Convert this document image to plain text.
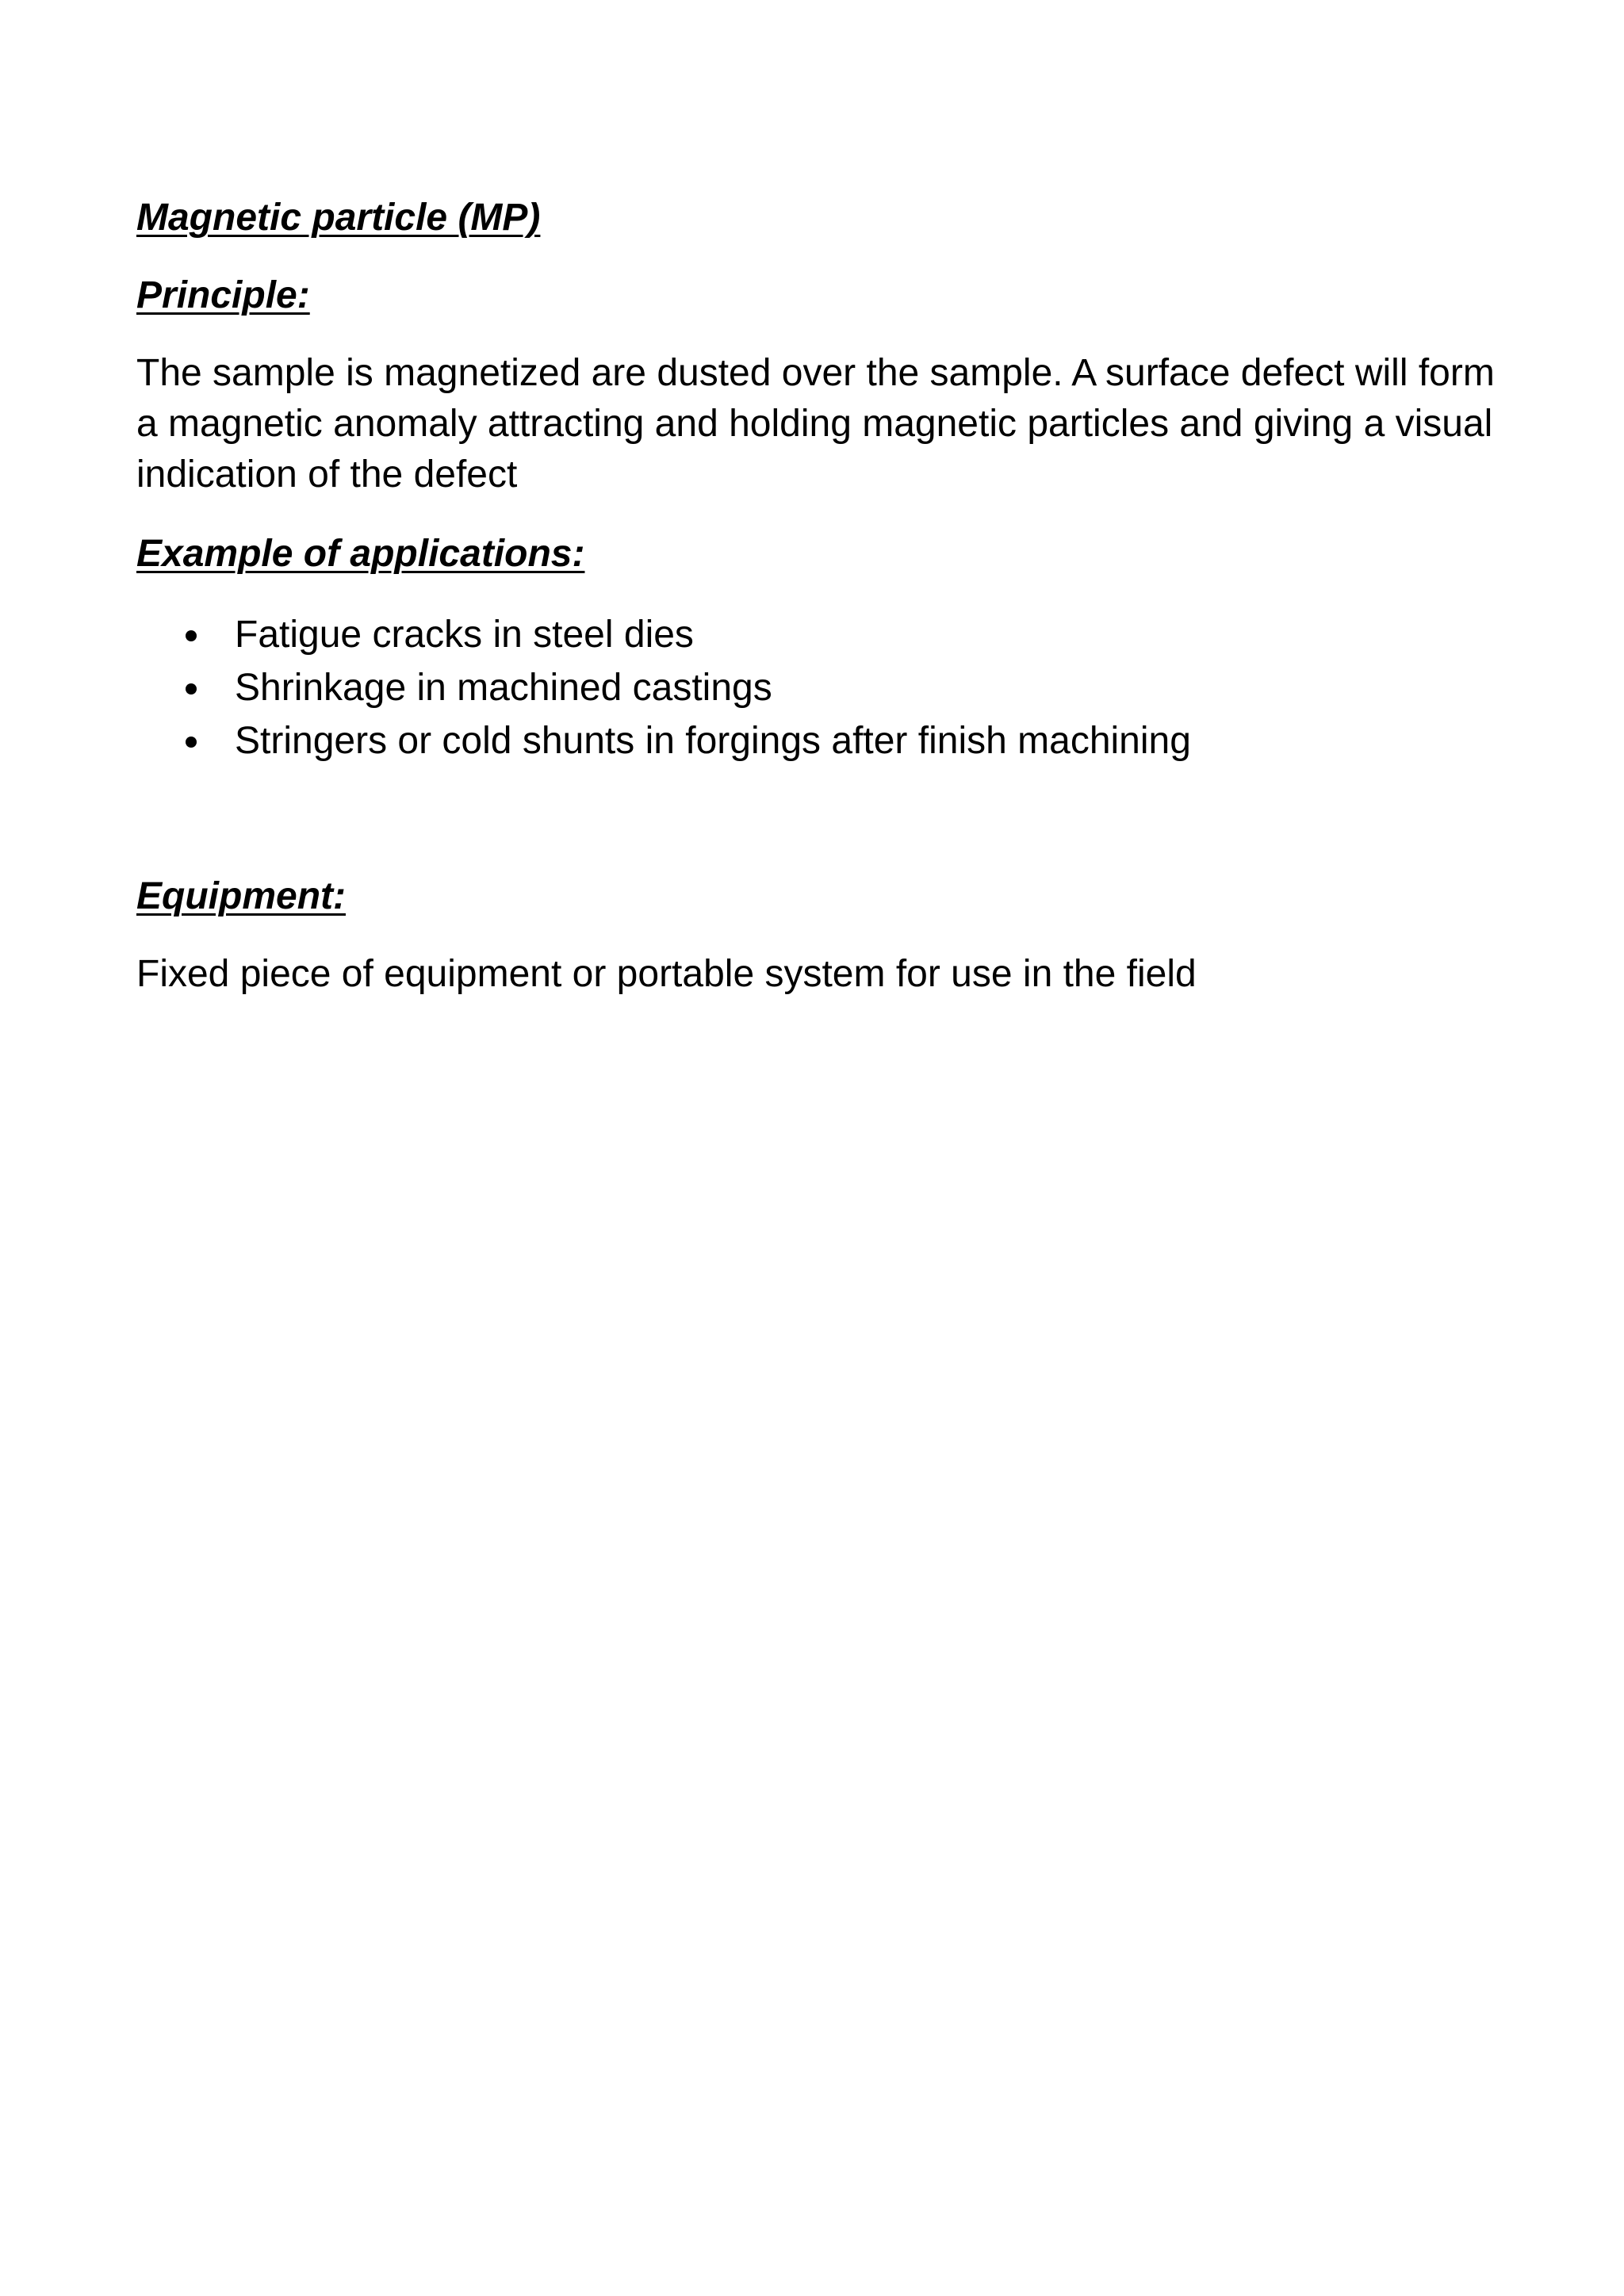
Magnetic particle (MP)
Principle:

The sample is magnetized are dusted over the sample. A surface defect will form
a magnetic anomaly attracting and holding magnetic particles and giving a visual
indication of the defect

Example of applications:
Fatigue cracks in steel dies
Shrinkage in machined castings
Stringers or cold shunts in forgings after finish machining
Equipment:

Fixed piece of equipment or portable system for use in the field
